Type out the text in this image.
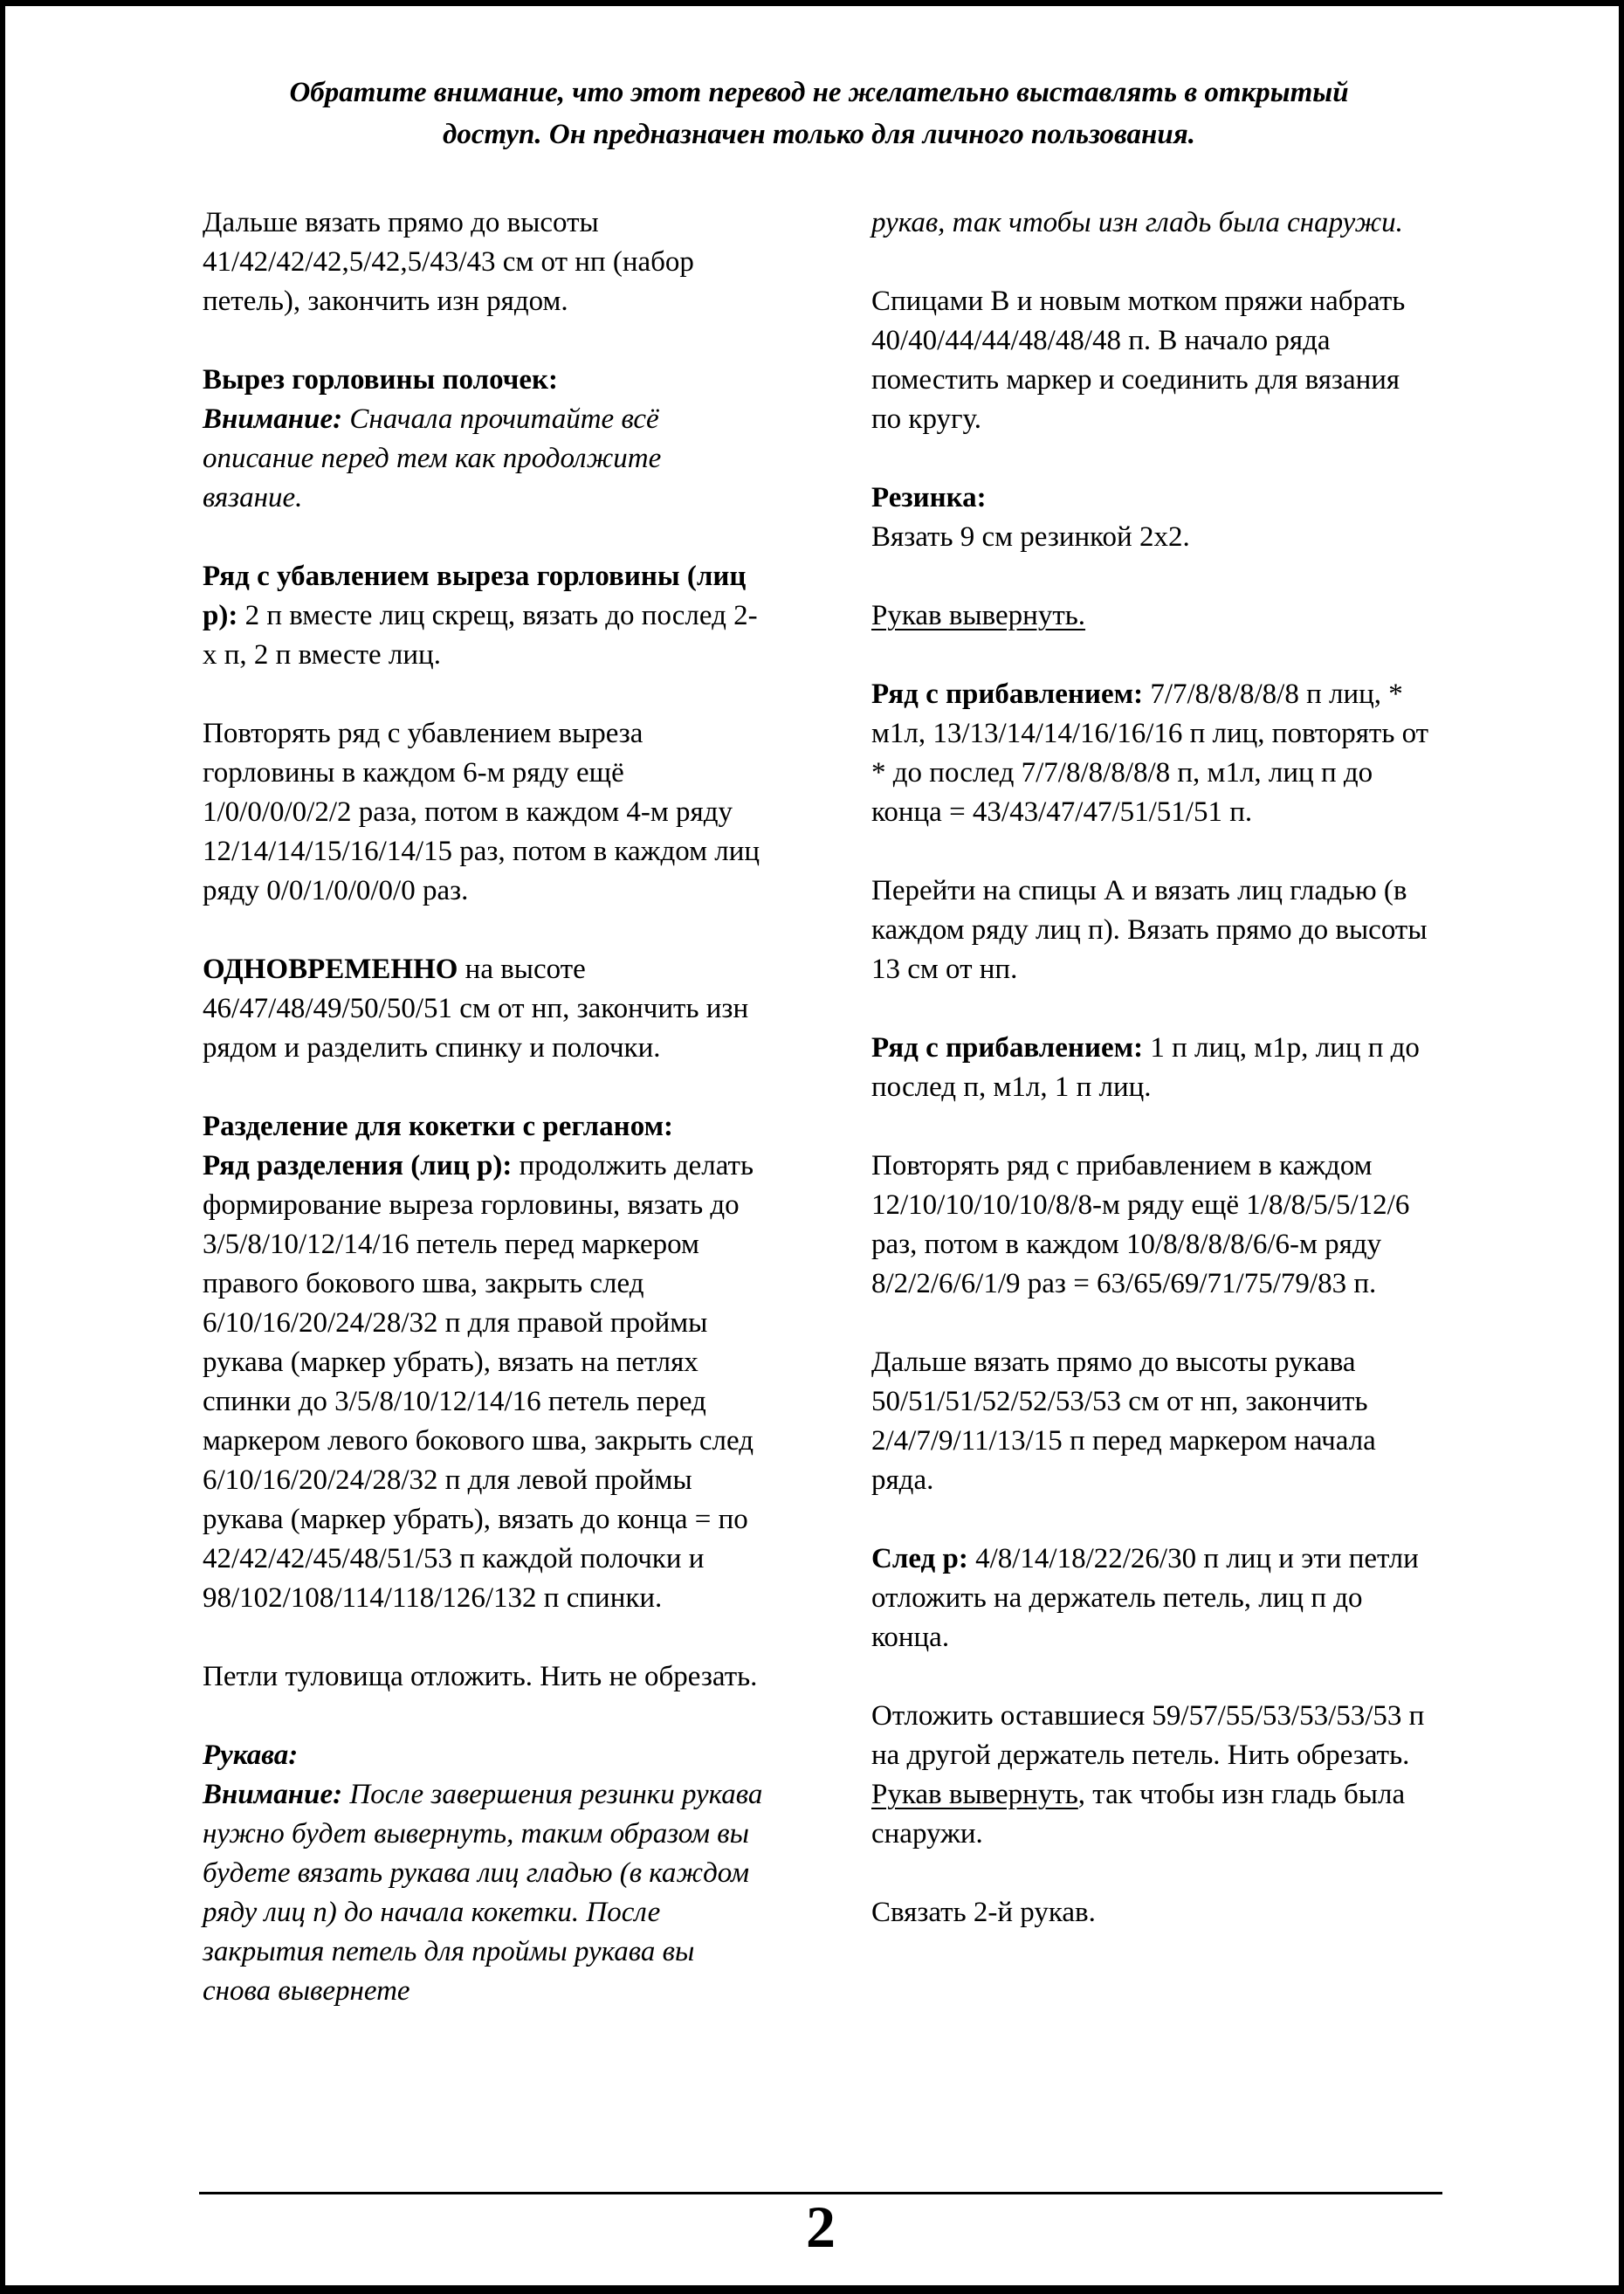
Обратите внимание, что этот перевод не желательно выставлять в открытый доступ. Он предназначен только для личного пользования.

Дальше вязать прямо до высоты 41/42/42/42,5/42,5/43/43 см от нп (набор петель), закончить изн рядом.

Вырез горловины полочек:
Внимание: Сначала прочитайте всё описание перед тем как продолжите вязание.

Ряд с убавлением выреза горловины (лиц р): 2 п вместе лиц скрещ, вязать до послед 2-х п, 2 п вместе лиц.

Повторять ряд с убавлением выреза горловины в каждом 6-м ряду ещё 1/0/0/0/0/2/2 раза, потом в каждом 4-м ряду 12/14/14/15/16/14/15 раз, потом в каждом лиц ряду 0/0/1/0/0/0/0 раз.

ОДНОВРЕМЕННО на высоте 46/47/48/49/50/50/51 см от нп, закончить изн рядом и разделить спинку и полочки.

Разделение для кокетки с регланом:
Ряд разделения (лиц р): продолжить делать формирование выреза горловины, вязать до 3/5/8/10/12/14/16 петель перед маркером правого бокового шва, закрыть след 6/10/16/20/24/28/32 п для правой проймы рукава (маркер убрать), вязать на петлях спинки до 3/5/8/10/12/14/16 петель перед маркером левого бокового шва, закрыть след 6/10/16/20/24/28/32 п для левой проймы рукава (маркер убрать), вязать до конца = по 42/42/42/45/48/51/53 п каждой полочки и 98/102/108/114/118/126/132 п спинки.

Петли туловища отложить. Нить не обрезать.

Рукава:
Внимание: После завершения резинки рукава нужно будет вывернуть, таким образом вы будете вязать рукава лиц гладью (в каждом ряду лиц п) до начала кокетки. После закрытия петель для проймы рукава вы снова вывернете

рукав, так чтобы изн гладь была снаружи.

Спицами В и новым мотком пряжи набрать 40/40/44/44/48/48/48 п. В начало ряда поместить маркер и соединить для вязания по кругу.

Резинка:
Вязать 9 см резинкой 2х2.

Рукав вывернуть.

Ряд с прибавлением: 7/7/8/8/8/8/8 п лиц, * м1л, 13/13/14/14/16/16/16 п лиц, повторять от * до послед 7/7/8/8/8/8/8 п, м1л, лиц п до конца = 43/43/47/47/51/51/51 п.

Перейти на спицы А и вязать лиц гладью (в каждом ряду лиц п). Вязать прямо до высоты 13 см от нп.

Ряд с прибавлением: 1 п лиц, м1р, лиц п до послед п, м1л, 1 п лиц.

Повторять ряд с прибавлением в каждом 12/10/10/10/10/8/8-м ряду ещё 1/8/8/5/5/12/6 раз, потом в каждом 10/8/8/8/8/6/6-м ряду 8/2/2/6/6/1/9 раз = 63/65/69/71/75/79/83 п.

Дальше вязать прямо до высоты рукава 50/51/51/52/52/53/53 см от нп, закончить 2/4/7/9/11/13/15 п перед маркером начала ряда.

След р: 4/8/14/18/22/26/30 п лиц и эти петли отложить на держатель петель, лиц п до конца.

Отложить оставшиеся 59/57/55/53/53/53/53 п на другой держатель петель. Нить обрезать. Рукав вывернуть, так чтобы изн гладь была снаружи.

Связать 2-й рукав.

2
